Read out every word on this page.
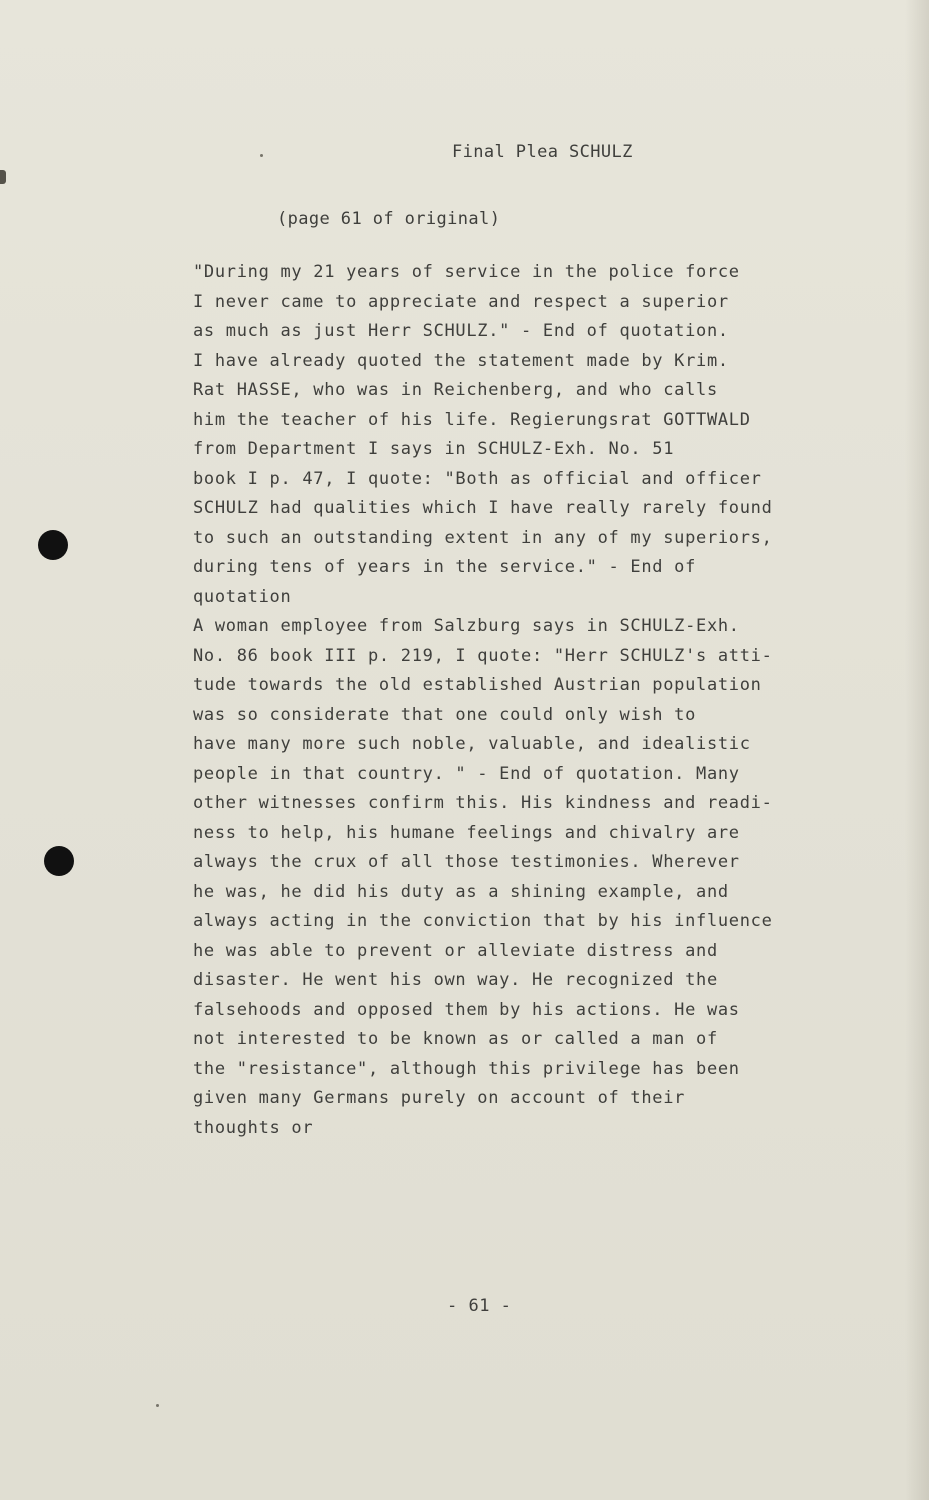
Final Plea SCHULZ
(page 61 of original)
"During my 21 years of service in the police force
I never came to appreciate and respect a superior
as much as just Herr SCHULZ." - End of quotation.
I have already quoted the statement made by Krim.
Rat HASSE, who was in Reichenberg, and who calls
him the teacher of his life. Regierungsrat GOTTWALD
from Department I says in SCHULZ-Exh. No. 51
book I p. 47, I quote: "Both as official and officer
SCHULZ had qualities which I have really rarely found
to such an outstanding extent in any of my superiors,
during tens of years in the service." - End of
quotation
A woman employee from Salzburg says in SCHULZ-Exh.
No. 86 book III p. 219, I quote: "Herr SCHULZ's atti-
tude towards the old established Austrian population
was so considerate that one could only wish to
have many more such noble, valuable, and idealistic
people in that country. " - End of quotation. Many
other witnesses confirm this. His kindness and readi-
ness to help, his humane feelings and chivalry are
always the crux of all those testimonies. Wherever
he was, he did his duty as a shining example, and
always acting in the conviction that by his influence
he was able to prevent or alleviate distress and
disaster. He went his own way. He recognized the
falsehoods and opposed them by his actions. He was
not interested to be known as or called a man of
the "resistance", although this privilege has been
given many Germans purely on account of their
thoughts or
- 61 -
